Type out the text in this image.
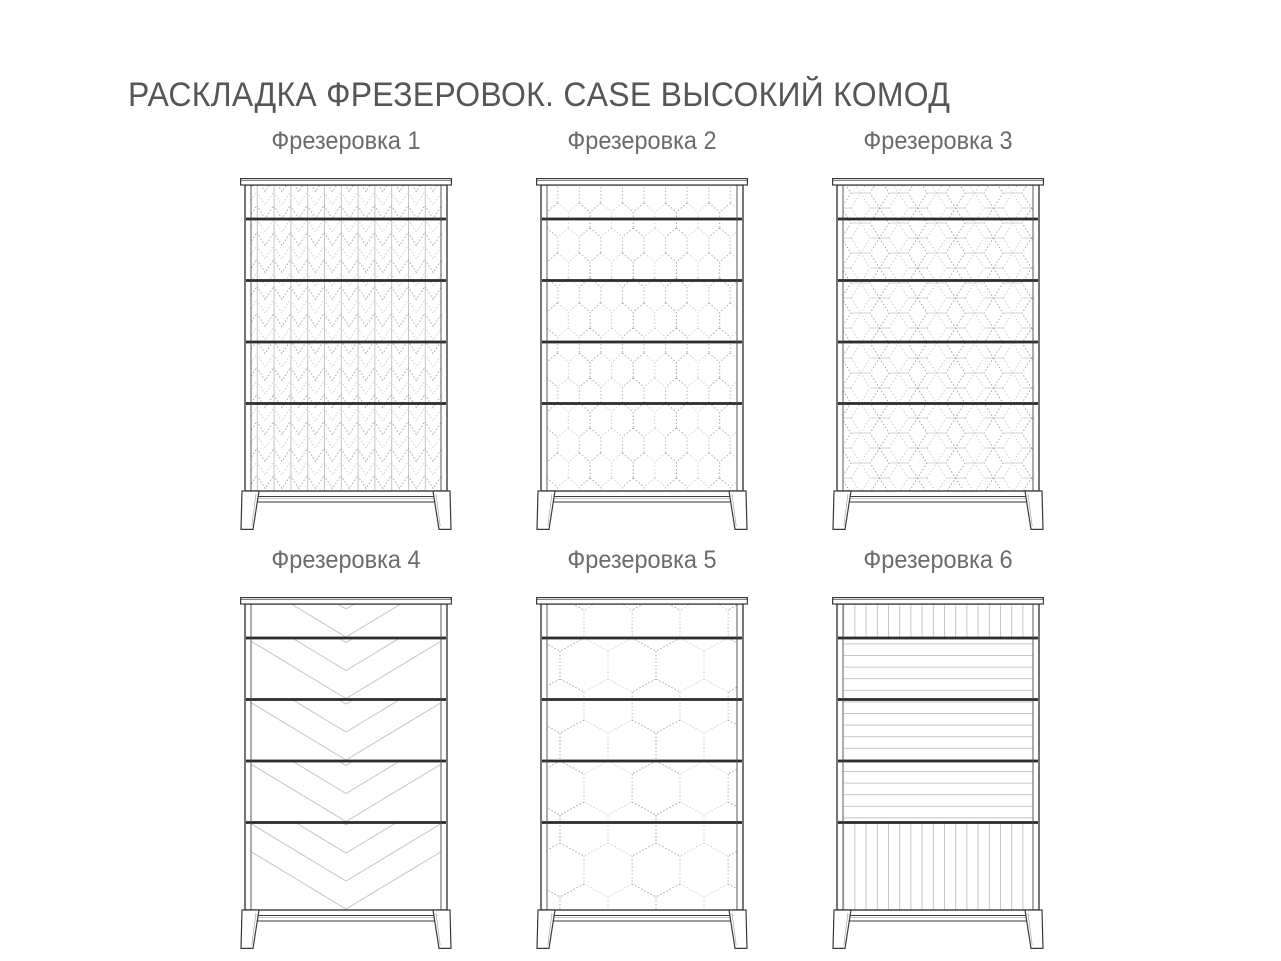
РАСКЛАДКА ФРЕЗЕРОВОК. CASE ВЫСОКИЙ КОМОД
Фрезеровка 1	Фрезеровка 2	Фрезеровка 3
Фрезеровка 4	Фрезеровка 5	Фрезеровка 6
